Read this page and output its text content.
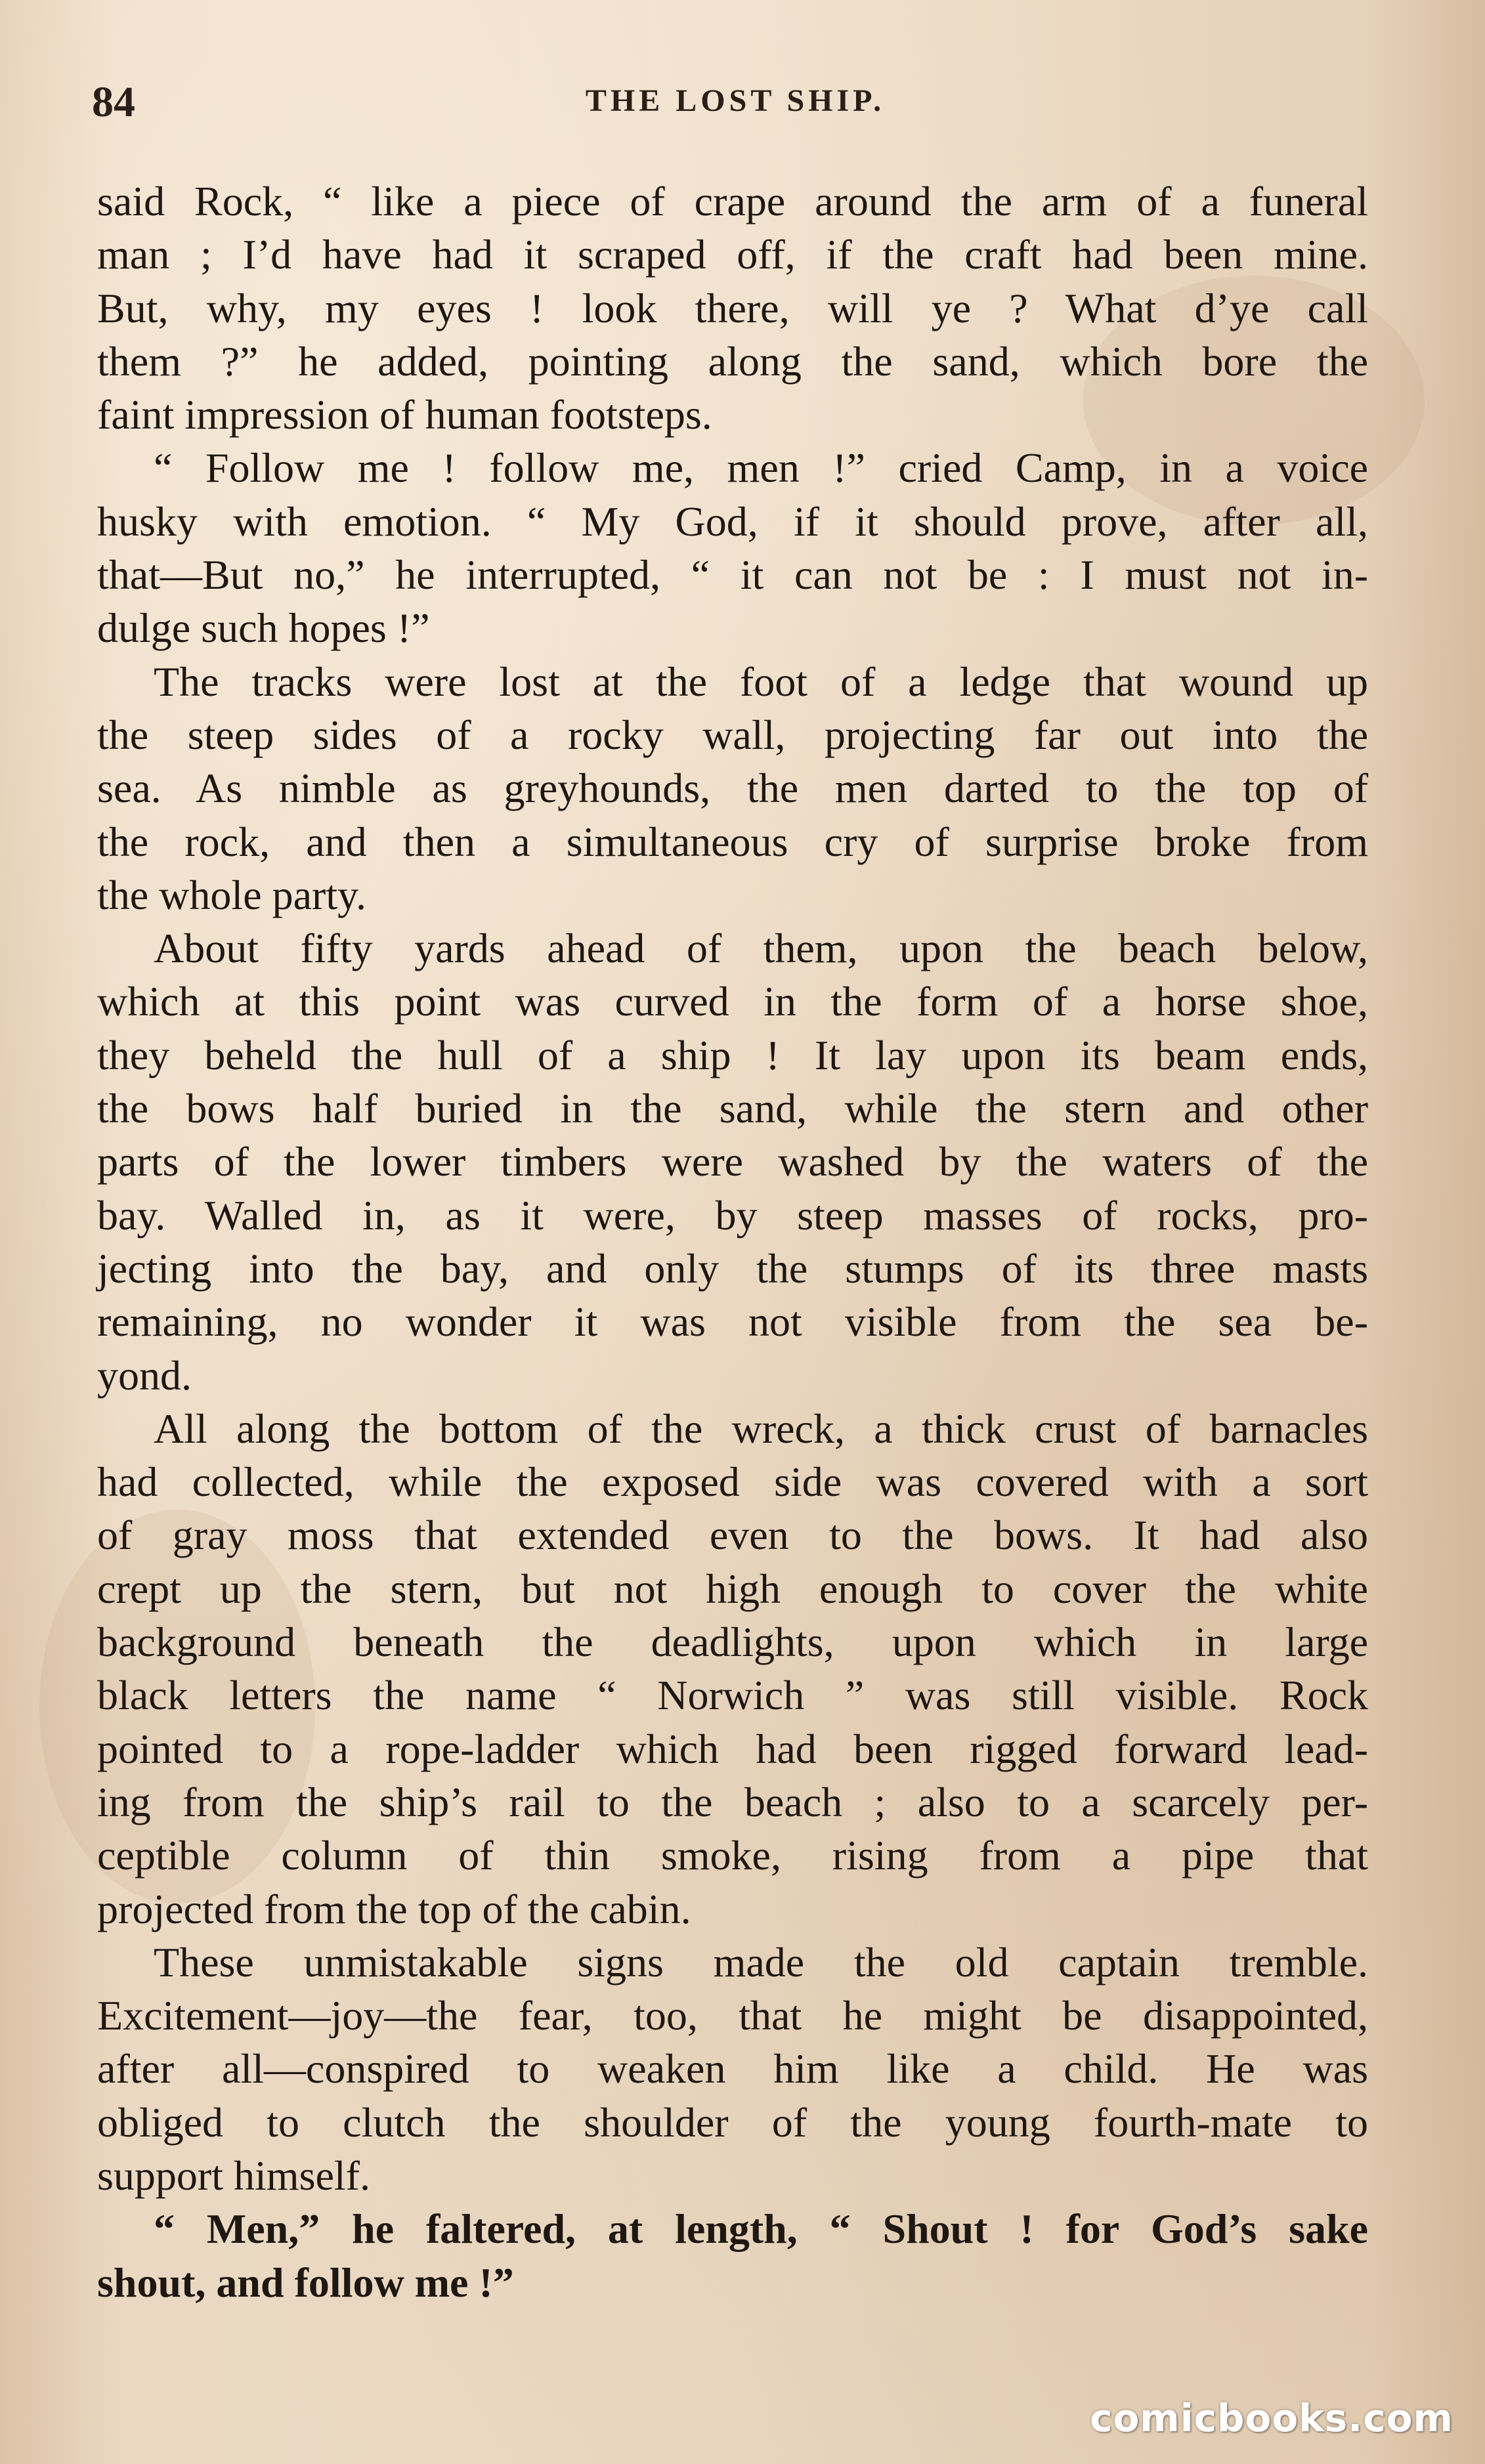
84	THE LOST SHIP.
said Rock, “ like a piece of crape around the arm of a funeral
man ; I’d have had it scraped off, if the craft had been mine.
But, why, my eyes ! look there, will ye ? What d’ye call
them ?” he added, pointing along the sand, which bore the
faint impression of human footsteps.
“ Follow me ! follow me, men !” cried Camp, in a voice
husky with emotion. “ My God, if it should prove, after all,
that—But no,” he interrupted, “ it can not be : I must not in-
dulge such hopes !”
The tracks were lost at the foot of a ledge that wound up
the steep sides of a rocky wall, projecting far out into the
sea. As nimble as greyhounds, the men darted to the top of
the rock, and then a simultaneous cry of surprise broke from
the whole party.
About fifty yards ahead of them, upon the beach below,
which at this point was curved in the form of a horse shoe,
they beheld the hull of a ship ! It lay upon its beam ends,
the bows half buried in the sand, while the stern and other
parts of the lower timbers were washed by the waters of the
bay. Walled in, as it were, by steep masses of rocks, pro-
jecting into the bay, and only the stumps of its three masts
remaining, no wonder it was not visible from the sea be-
yond.
All along the bottom of the wreck, a thick crust of barnacles
had collected, while the exposed side was covered with a sort
of gray moss that extended even to the bows. It had also
crept up the stern, but not high enough to cover the white
background beneath the deadlights, upon which in large
black letters the name “ Norwich ” was still visible. Rock
pointed to a rope-ladder which had been rigged forward lead-
ing from the ship’s rail to the beach ; also to a scarcely per-
ceptible column of thin smoke, rising from a pipe that
projected from the top of the cabin.
These unmistakable signs made the old captain tremble.
Excitement—joy—the fear, too, that he might be disappointed,
after all—conspired to weaken him like a child. He was
obliged to clutch the shoulder of the young fourth-mate to
support himself.
“ Men,” he faltered, at length, “ Shout ! for God’s sake
shout, and follow me !”
comicbooks.com
